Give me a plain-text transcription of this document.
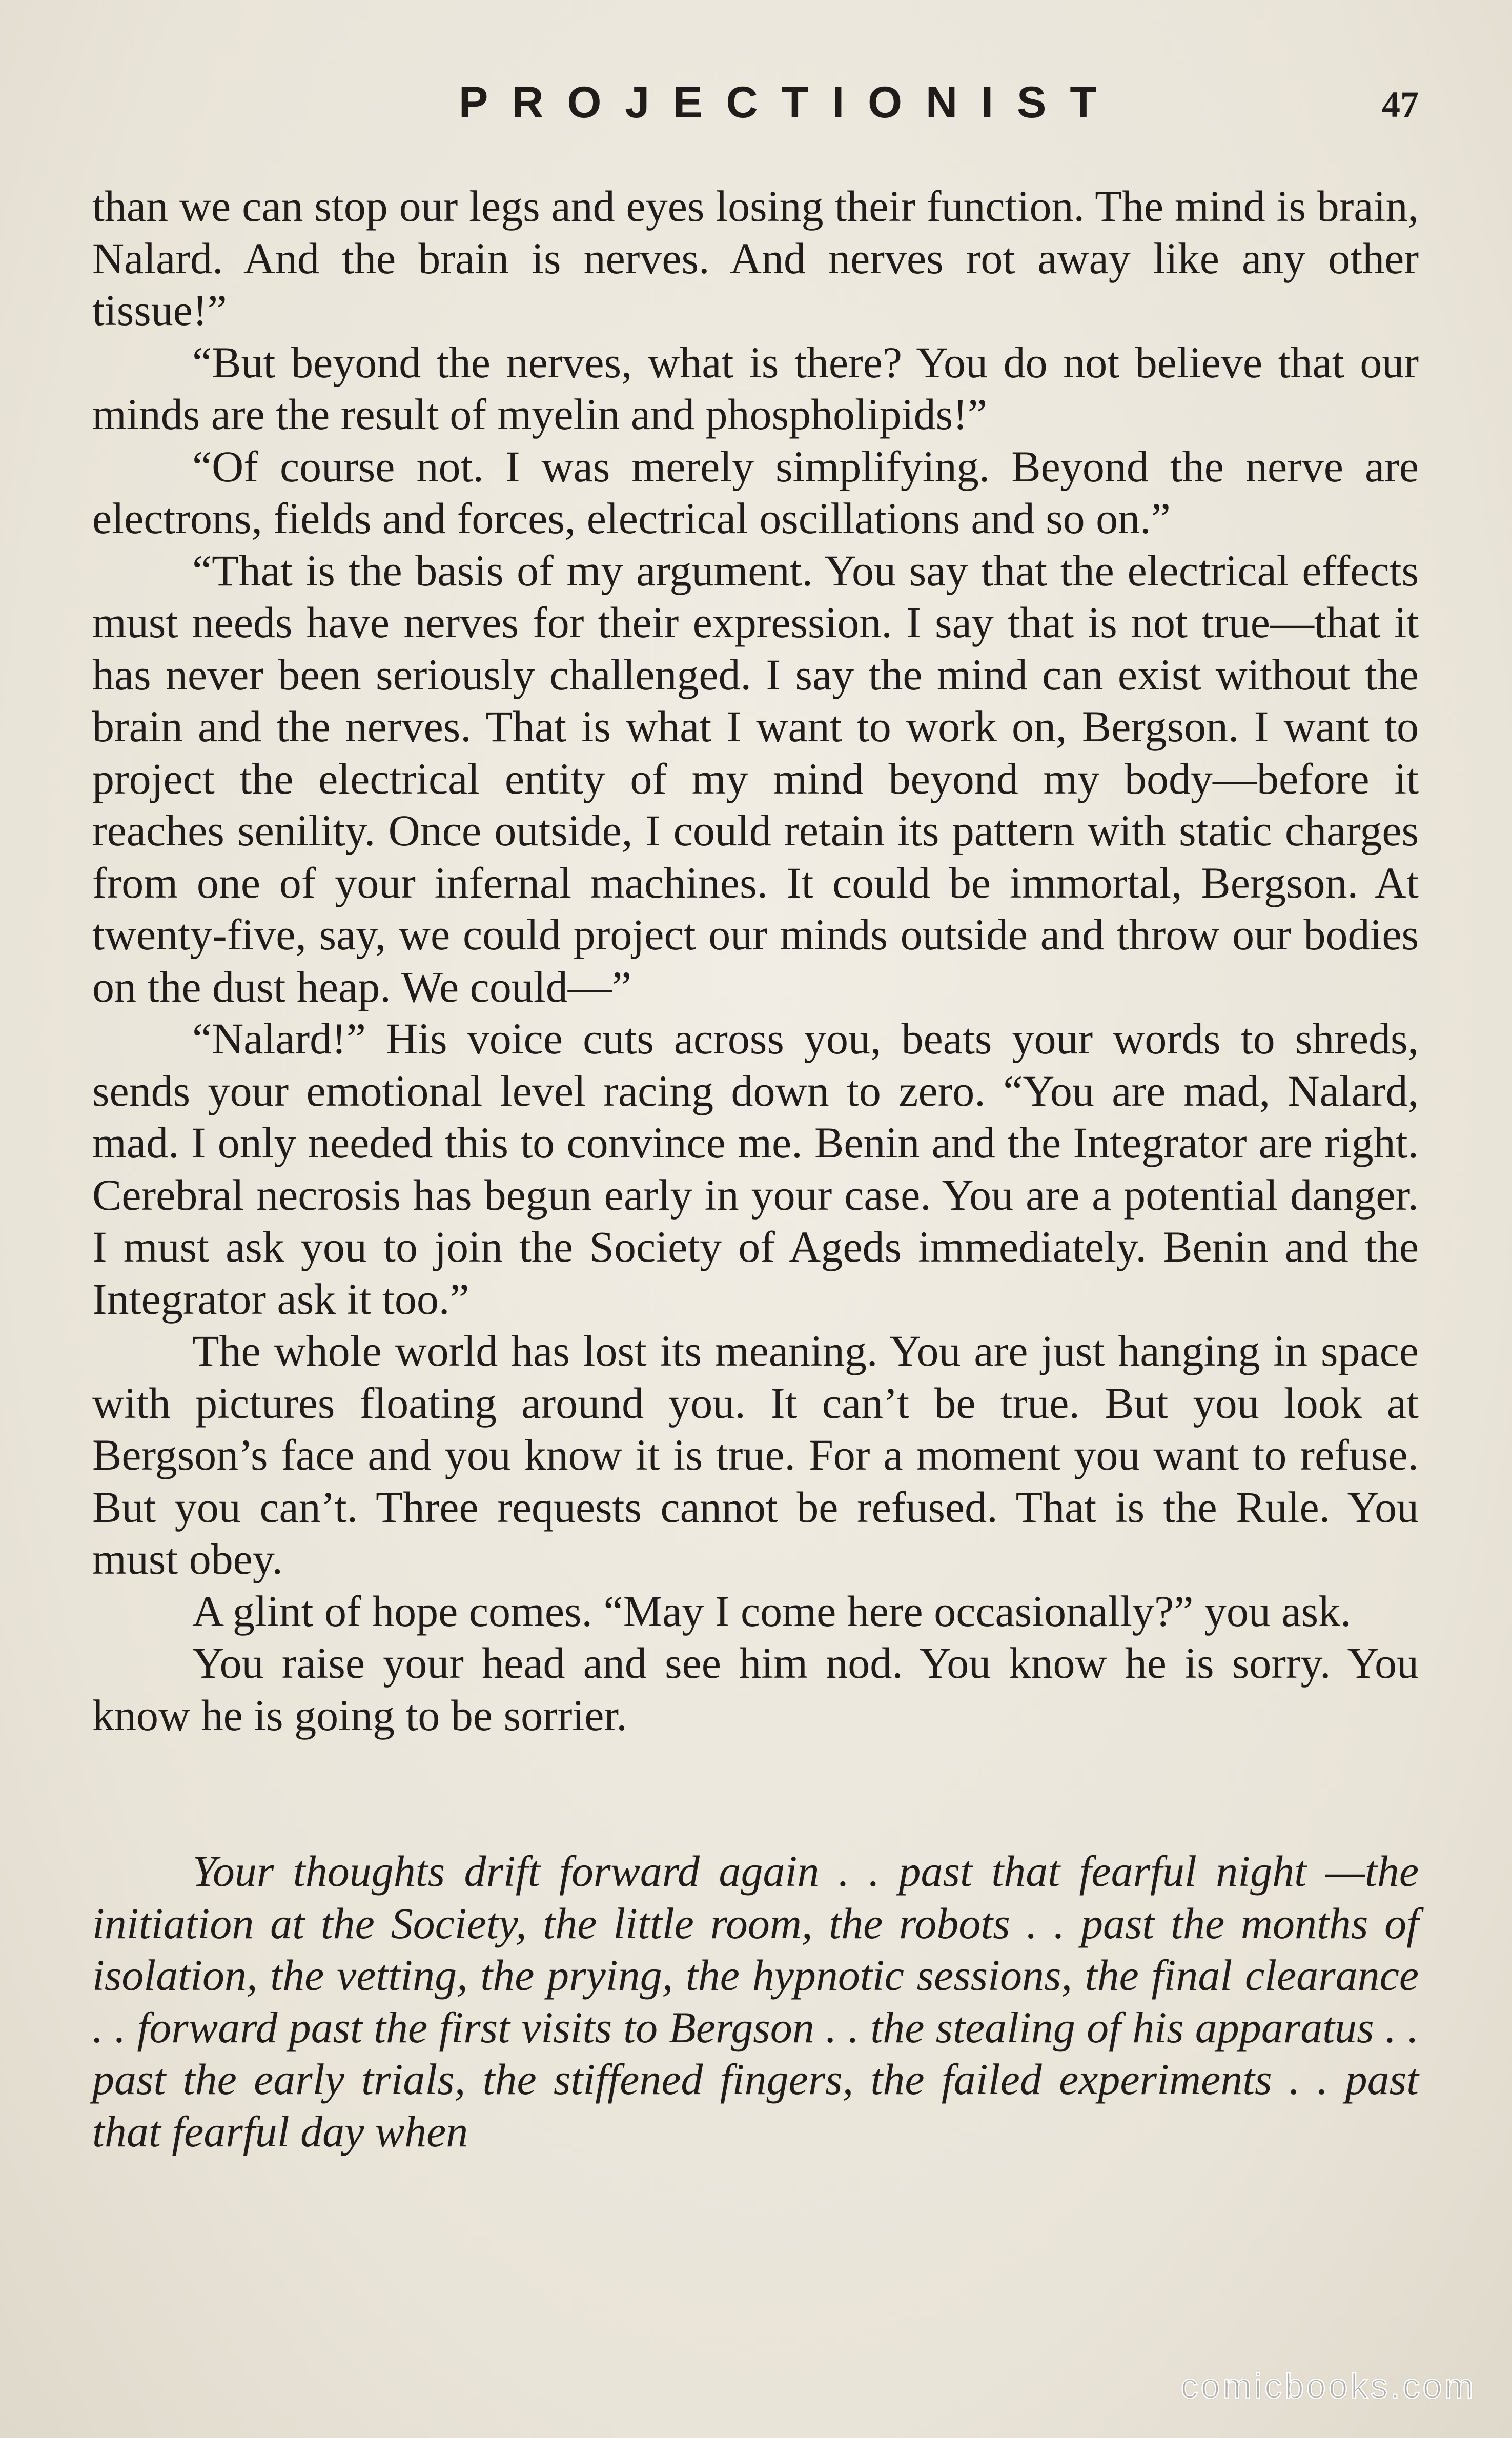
PROJECTIONIST	47

than we can stop our legs and eyes losing their function. The mind is brain, Nalard. And the brain is nerves. And nerves rot away like any other tissue!”

“But beyond the nerves, what is there? You do not believe that our minds are the result of myelin and phospholipids!”

“Of course not. I was merely simplifying. Beyond the nerve are electrons, fields and forces, electrical oscillations and so on.”

“That is the basis of my argument. You say that the electrical effects must needs have nerves for their expression. I say that is not true—that it has never been seriously challenged. I say the mind can exist without the brain and the nerves. That is what I want to work on, Bergson. I want to project the electrical entity of my mind beyond my body—before it reaches senility. Once outside, I could retain its pattern with static charges from one of your infernal machines. It could be immortal, Bergson. At twenty-five, say, we could project our minds outside and throw our bodies on the dust heap. We could—”

“Nalard!” His voice cuts across you, beats your words to shreds, sends your emotional level racing down to zero. “You are mad, Nalard, mad. I only needed this to convince me. Benin and the Integrator are right. Cerebral necrosis has begun early in your case. You are a potential danger. I must ask you to join the Society of Ageds immediately. Benin and the Integrator ask it too.”

The whole world has lost its meaning. You are just hanging in space with pictures floating around you. It can’t be true. But you look at Bergson’s face and you know it is true. For a moment you want to refuse. But you can’t. Three requests cannot be refused. That is the Rule. You must obey.

A glint of hope comes. “May I come here occasionally?” you ask.

You raise your head and see him nod. You know he is sorry. You know he is going to be sorrier.

Your thoughts drift forward again . . past that fearful night —the initiation at the Society, the little room, the robots . . past the months of isolation, the vetting, the prying, the hypnotic sessions, the final clearance . . forward past the first visits to Bergson . . the stealing of his apparatus . . past the early trials, the stiffened fingers, the failed experiments . . past that fearful day when

comicbooks.com
